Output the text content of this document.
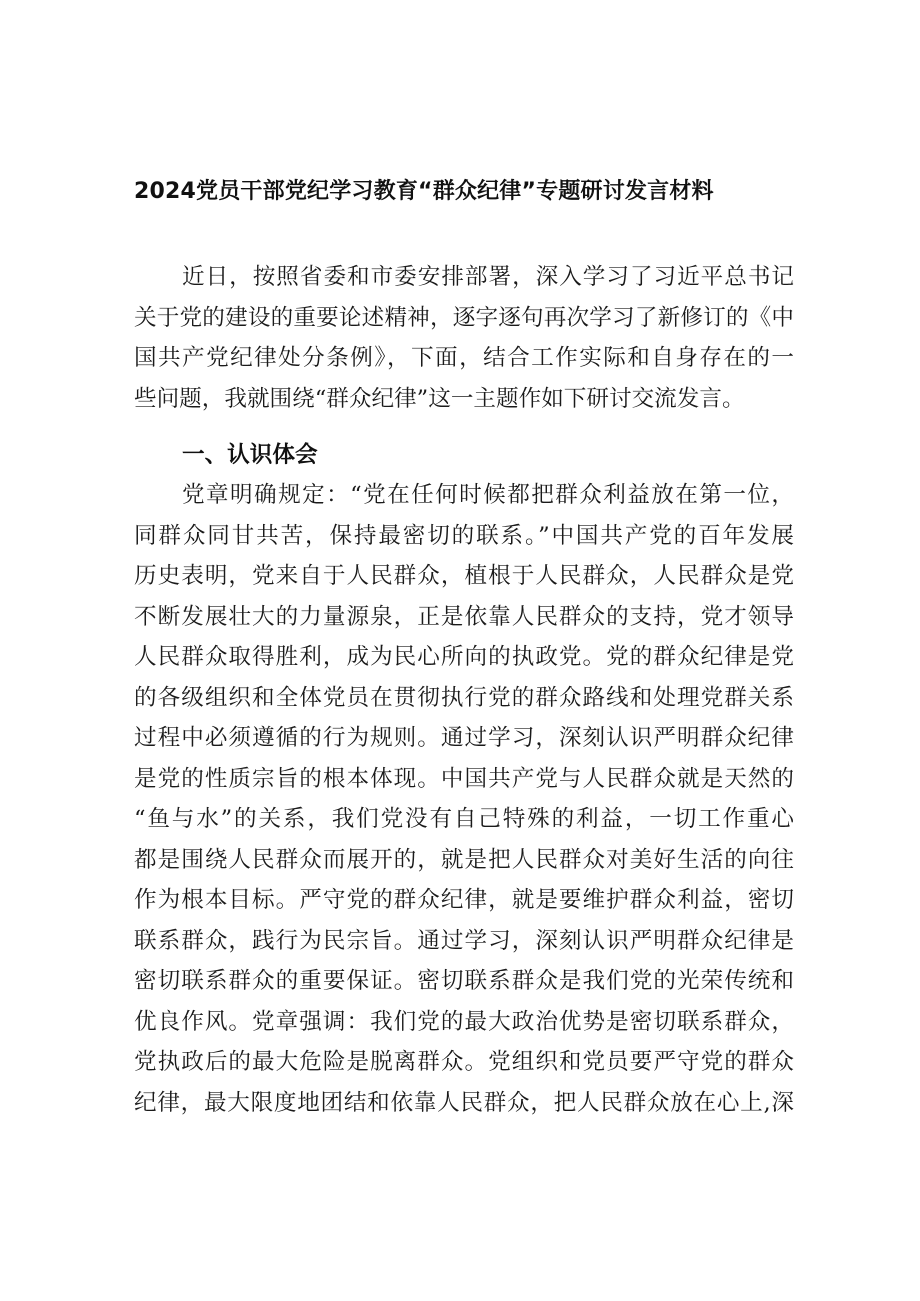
2024党员干部党纪学习教育“群众纪律”专题研讨发言材料
近日，按照省委和市委安排部署，深入学习了习近平总书记
关于党的建设的重要论述精神，逐字逐句再次学习了新修订的《中
国共产党纪律处分条例》，下面，结合工作实际和自身存在的一
些问题，我就围绕“群众纪律”这一主题作如下研讨交流发言。
一、认识体会
党章明确规定：“党在任何时候都把群众利益放在第一位，
同群众同甘共苦，保持最密切的联系。”中国共产党的百年发展
历史表明，党来自于人民群众，植根于人民群众，人民群众是党
不断发展壮大的力量源泉，正是依靠人民群众的支持，党才领导
人民群众取得胜利，成为民心所向的执政党。党的群众纪律是党
的各级组织和全体党员在贯彻执行党的群众路线和处理党群关系
过程中必须遵循的行为规则。通过学习，深刻认识严明群众纪律
是党的性质宗旨的根本体现。中国共产党与人民群众就是天然的
“鱼与水”的关系，我们党没有自己特殊的利益，一切工作重心
都是围绕人民群众而展开的，就是把人民群众对美好生活的向往
作为根本目标。严守党的群众纪律，就是要维护群众利益，密切
联系群众，践行为民宗旨。通过学习，深刻认识严明群众纪律是
密切联系群众的重要保证。密切联系群众是我们党的光荣传统和
优良作风。党章强调：我们党的最大政治优势是密切联系群众，
党执政后的最大危险是脱离群众。党组织和党员要严守党的群众
纪律，最大限度地团结和依靠人民群众，把人民群众放在心上,深
